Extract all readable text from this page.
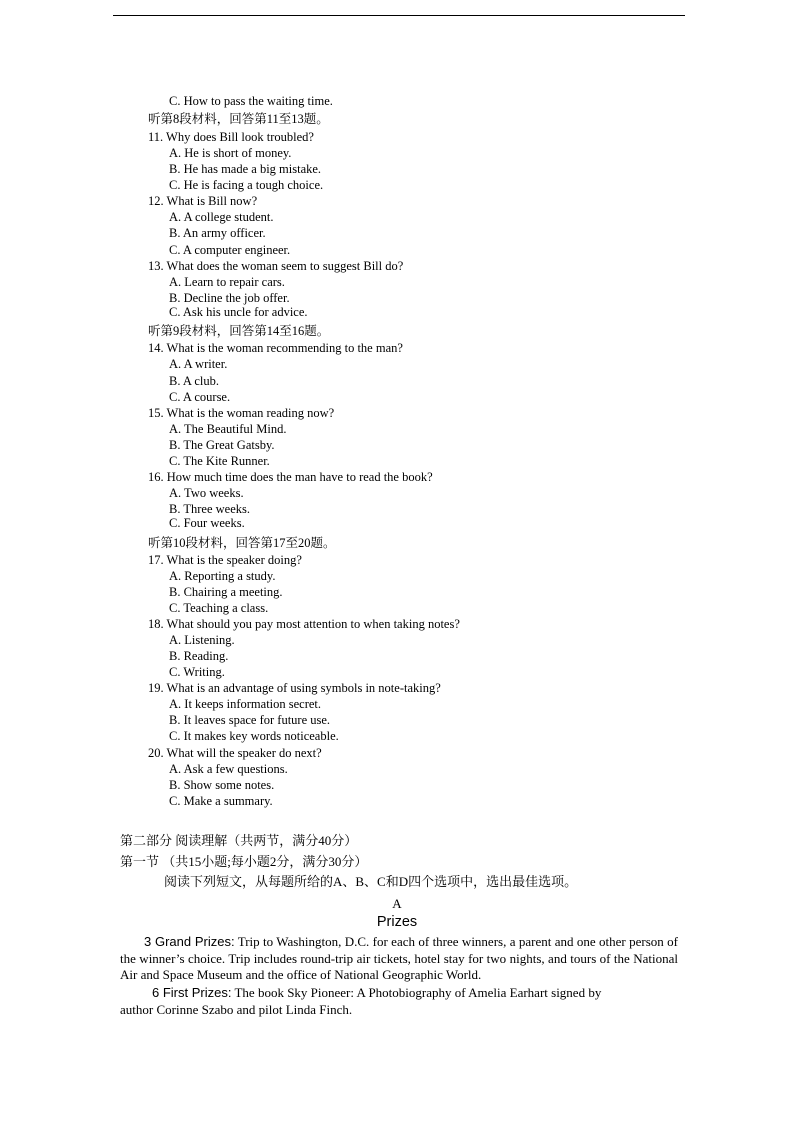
C. How to pass the waiting time.
听第8段材料，回答第11至13题。
11. Why does Bill look troubled?
A. He is short of money.
B. He has made a big mistake.
C. He is facing a tough choice.
12. What is Bill now?
A. A college student.
B. An army officer.
C. A computer engineer.
13. What does the woman seem to suggest Bill do?
A. Learn to repair cars.
B. Decline the job offer.
C. Ask his uncle for advice.
听第9段材料，回答第14至16题。
14. What is the woman recommending to the man?
A. A writer.
B. A club.
C. A course.
15. What is the woman reading now?
A. The Beautiful Mind.
B. The Great Gatsby.
C. The Kite Runner.
16. How much time does the man have to read the book?
A. Two weeks.
B. Three weeks.
C. Four weeks.
听第10段材料，回答第17至20题。
17. What is the speaker doing?
A. Reporting a study.
B. Chairing a meeting.
C. Teaching a class.
18. What should you pay most attention to when taking notes?
A. Listening.
B. Reading.
C. Writing.
19. What is an advantage of using symbols in note-taking?
A. It keeps information secret.
B. It leaves space for future use.
C. It makes key words noticeable.
20. What will the speaker do next?
A. Ask a few questions.
B. Show some notes.
C. Make a summary.
第二部分 阅读理解（共两节，满分40分）
第一节 （共15小题;每小题2分，满分30分）
阅读下列短文，从每题所给的A、B、C和D四个选项中，选出最佳选项。
A
Prizes
3 Grand Prizes: Trip to Washington, D.C. for each of three winners, a parent and one other person of the winner’s choice. Trip includes round-trip air tickets, hotel stay for two nights, and tours of the National Air and Space Museum and the office of National Geographic World.
6 First Prizes: The book Sky Pioneer: A Photobiography of Amelia Earhart signed by
author Corinne Szabo and pilot Linda Finch.
